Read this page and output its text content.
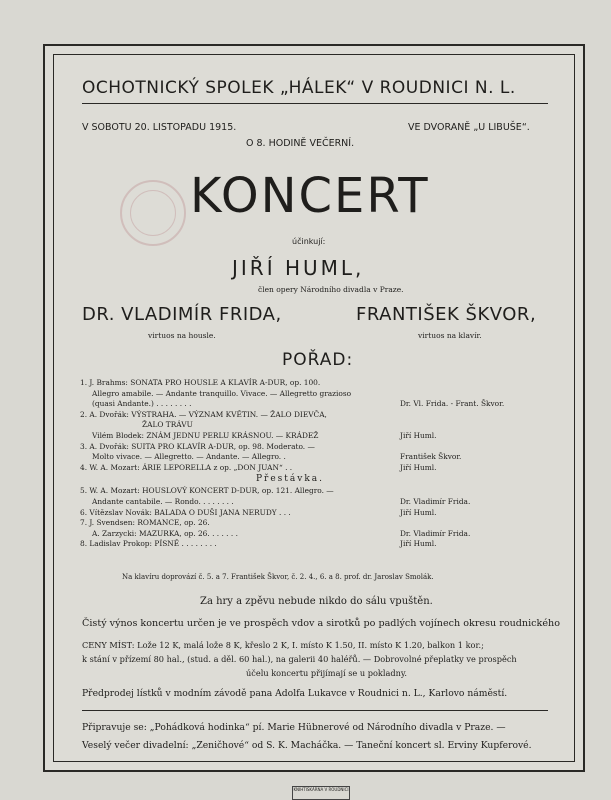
OCHOTNICKÝ SPOLEK „HÁLEK“ V ROUDNICI N. L.
V SOBOTU 20. LISTOPADU 1915.	VE DVORANĚ „U LIBUŠE“.
O 8. HODINĚ VEČERNÍ.
KONCERT
účinkují:
JIŘÍ HUML,
člen opery Národního divadla v Praze.
DR. VLADIMÍR FRIDA,
virtuos na housle.
FRANTIŠEK ŠKVOR,
virtuos na klavír.
POŘAD:
1. J. Brahms: SONATA PRO HOUSLE A KLAVÍR A-DUR, op. 100.
Allegro amabile. — Andante tranquillo. Vivace. — Allegretto grazioso
(quasi Andante.) . . . . . . . .	Dr. Vl. Frida. - Frant. Škvor.
2. A. Dvořák: VÝSTRAHA. — VÝZNAM KVĚTIN. — ŽALO DIEVČA,
ŽALO TRÁVU
Vilém Blodek: ZNÁM JEDNU PERLU KRÁSNOU. — KRÁDEŽ	Jiří Huml.
3. A. Dvořák: SUITA PRO KLAVÍR A-DUR, op. 98. Moderato. —
Molto vivace. — Allegretto. — Andante. — Allegro. .	František Škvor.
4. W. A. Mozart: ÁRIE LEPORELLA z op. „DON JUAN“ . .	Jiří Huml.
Přestávka.
5. W. A. Mozart: HOUSLOVÝ KONCERT D-DUR, op. 121. Allegro. —
Andante cantabile. — Rondo. . . . . . . .	Dr. Vladimír Frida.
6. Vítězslav Novák: BALADA O DUŠI JANA NERUDY . . .	Jiří Huml.
7. J. Svendsen: ROMANCE, op. 26.
A. Zarzycki: MAZURKA, op. 26. . . . . . .	Dr. Vladimír Frida.
8. Ladislav Prokop: PÍSNĚ . . . . . . . .	Jiří Huml.
Na klavíru doprovází č. 5. a 7. František Škvor, č. 2. 4., 6. a 8. prof. dr. Jaroslav Smolák.
Za hry a zpěvu nebude nikdo do sálu vpuštěn.
Čistý výnos koncertu určen je ve prospěch vdov a sirotků po padlých vojínech okresu roudnického
CENY MÍST: Lože 12 K, malá lože 8 K, křeslo 2 K, I. místo K 1.50, II. místo K 1.20, balkon 1 kor.;
k stání v přízemí 80 hal., (stud. a děl. 60 hal.), na galerii 40 haléřů. — Dobrovolné přeplatky ve prospěch
účelu koncertu přijímají se u pokladny.
Předprodej lístků v modním závodě pana Adolfa Lukavce v Roudnici n. L., Karlovo náměstí.
Připravuje se: „Pohádková hodinka“ pí. Marie Hübnerové od Národního divadla v Praze. —
Veselý večer divadelní: „Zeničhové“ od S. K. Macháčka. — Taneční koncert sl. Erviny Kupferové.
KNIHTISKÁRNA V ROUDNICI
